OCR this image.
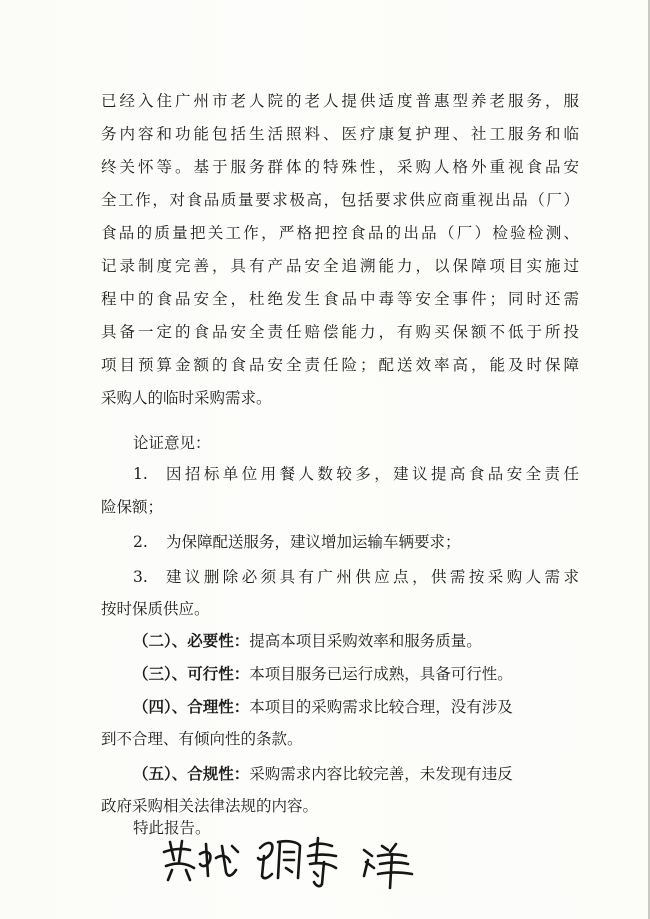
已经入住广州市老人院的老人提供适度普惠型养老服务，服
务内容和功能包括生活照料、医疗康复护理、社工服务和临
终关怀等。基于服务群体的特殊性，采购人格外重视食品安
全工作，对食品质量要求极高，包括要求供应商重视出品（厂）
食品的质量把关工作，严格把控食品的出品（厂）检验检测、
记录制度完善，具有产品安全追溯能力，以保障项目实施过
程中的食品安全，杜绝发生食品中毒等安全事件；同时还需
具备一定的食品安全责任赔偿能力，有购买保额不低于所投
项目预算金额的食品安全责任险；配送效率高，能及时保障
采购人的临时采购需求。
论证意见：
1. 因招标单位用餐人数较多，建议提高食品安全责任
险保额；
2. 为保障配送服务，建议增加运输车辆要求；
3. 建议删除必须具有广州供应点，供需按采购人需求
按时保质供应。
（二）、必要性：提高本项目采购效率和服务质量。
（三）、可行性：本项目服务已运行成熟，具备可行性。
（四）、合理性：本项目的采购需求比较合理，没有涉及
到不合理、有倾向性的条款。
（五）、合规性：采购需求内容比较完善，未发现有违反
政府采购相关法律法规的内容。
特此报告。
